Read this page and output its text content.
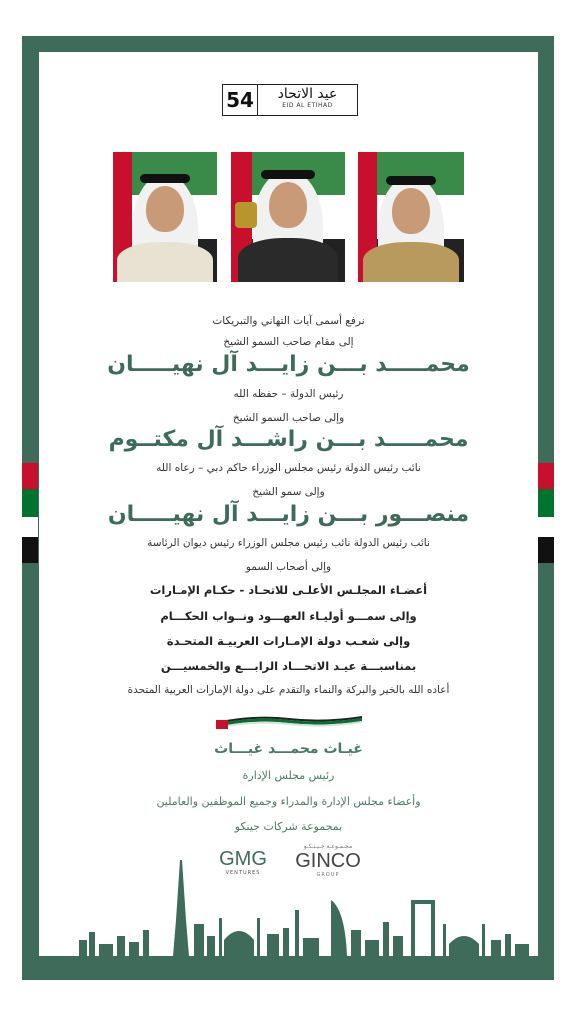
54	عيد الاتحاد
EID AL ETIHAD
نرفع أسمى آيات التهاني والتبريكات
إلى مقام صاحب السمو الشيخ
محمـــــد بـــن زايـــد آل نهيـــــان
رئيس الدولة – حفظه الله
وإلى صاحب السمو الشيخ
محمـــــد بـــن راشـــد آل مكتــوم
نائب رئيس الدولة رئيس مجلس الوزراء حاكم دبي – رعاه الله
وإلى سمو الشيخ
منصـــور بـــن زايـــد آل نهيـــــان
نائب رئيس الدولة نائب رئيس مجلس الوزراء رئيس ديوان الرئاسة
وإلى أصحاب السمو
أعضـاء المجلـس الأعلـى للاتحـاد - حكـام الإمـارات
وإلى سمـــو أوليـاء العهـــود ونــواب الحكـــام
وإلى شعـب دولة الإمـارات العربيـة المتحـدة
بمناسبـــة عيـد الاتحـــاد الرابـــع والخمسيـــن
أعاده الله بالخير والبركة والنماء والتقدم على دولة الإمارات العربية المتحدة
غيـاث محمـــد غيـــاث
رئيس مجلس الإدارة
وأعضاء مجلس الإدارة والمدراء وجميع الموظفين والعاملين
بمجموعة شركات جينكو
GMG
VENTURES
مجـمـوعـة جـيـنـكـو
GINCO
GROUP
